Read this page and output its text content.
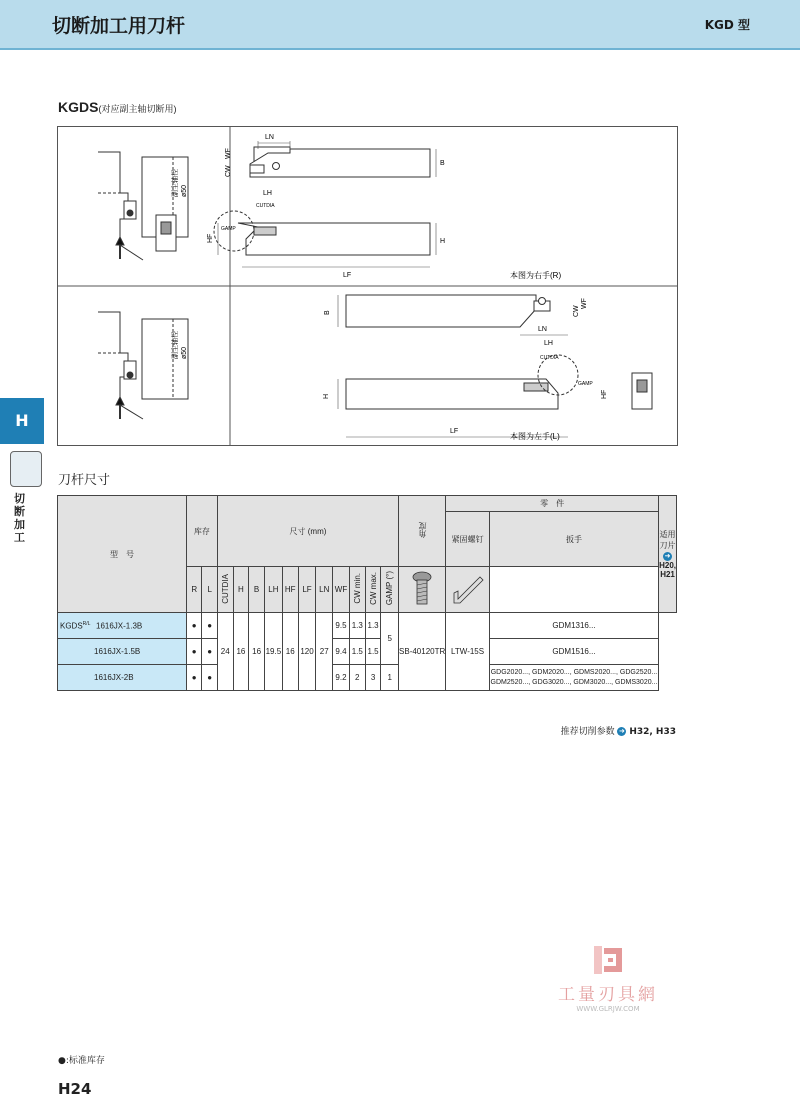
切断加工用刀杆	KGD 型
KGDS(对应副主轴切断用)
副主轴径 ø50
LN
WF
CW
B
LH
CUTDIA
GAMP
HF	H
LF	本图为右手(R)
副主轴径 ø50
B
LN
CW
WF
LH
CUTDIA
GAMP
HF
H
LF
本图为左手(L)
H
切断加工
刀杆尺寸
型　号	库存		尺寸 (mm)											角度	零　件		适用刀片
➜ H20, H21

															紧固螺钉	扳手	
	R	L	CUTDIA	H	B	LH	HF	LF	LN	WF	CW min.	CW max.	GAMP (°)		
$KGDS^{R/L}$ 1616JX-1.3B	●	●	24	16	16	19.5	16	120	27	9.5	1.3	1.3	5	SB-40120TR	LTW-15S	GDM1316...	
1616JX-1.5B	●	●								9.4	1.5	1.5				GDM1516...	
1616JX-2B	●	●								9.2	2	3	1			GDG2020..., GDM2020..., GDMS2020..., GDG2520...
GDM2520..., GDG3020..., GDM3020..., GDMS3020...	
推荐切削参数 ➜ H32, H33
工量刃具網
WWW.GLRJW.COM
●:标准库存
H24
